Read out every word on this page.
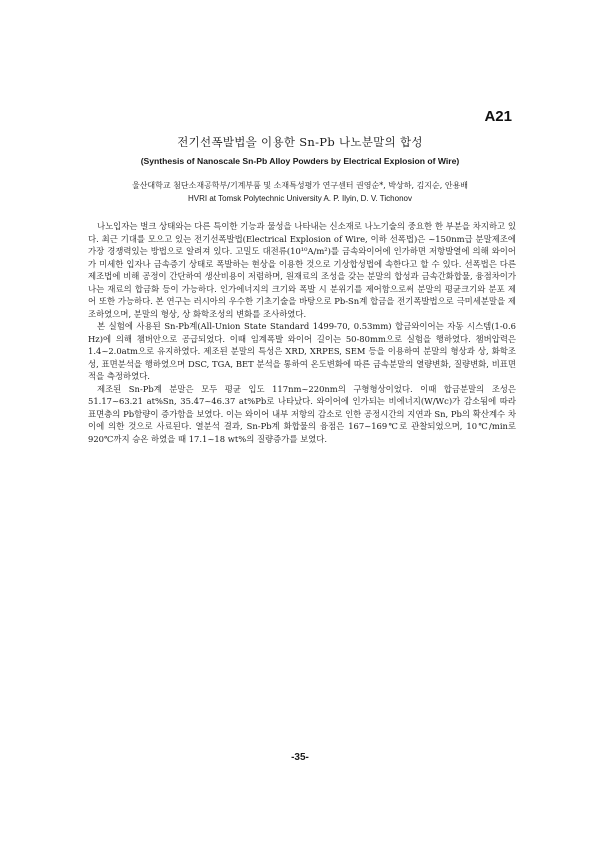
A21
전기선폭발법을 이용한 Sn-Pb 나노분말의 합성
(Synthesis of Nanoscale Sn-Pb Alloy Powders by Electrical Explosion of Wire)
울산대학교 첨단소재공학부/기계부품 및 소재특성평가 연구센터 권영순*, 박상하, 김지순, 안용배
HVRI at Tomsk Polytechnic University A. P. Ilyin, D. V. Tichonov

나노입자는 벌크 상태와는 다른 특이한 기능과 물성을 나타내는 신소재로 나노기술의 중요한 한 부분을 차지하고 있다. 최근 기대를 모으고 있는 전기선폭발법(Electrical Explosion of Wire, 이하 선폭법)은 ~150nm급 분말제조에 가장 경쟁력있는 방법으로 알려져 있다. 고밀도 대전류(10¹⁰A/m²)를 금속와이어에 인가하면 저항발열에 의해 와이어가 미세한 입자나 금속증기 상태로 폭발하는 현상을 이용한 것으로 기상합성법에 속한다고 할 수 있다. 선폭법은 다른 제조법에 비해 공정이 간단하여 생산비용이 저렴하며, 원재료의 조성을 갖는 분말의 합성과 금속간화합물, 융점차이가 나는 재료의 합금화 등이 가능하다. 인가에너지의 크기와 폭발 시 분위기를 제어함으로써 분말의 평균크기와 분포 제어 또한 가능하다. 본 연구는 러시아의 우수한 기초기술을 바탕으로 Pb-Sn계 합금을 전기폭발법으로 극미세분말을 제조하였으며, 분말의 형상, 상 화학조성의 변화를 조사하였다.

본 실험에 사용된 Sn-Pb계(All-Union State Standard 1499-70, 0.53mm) 합금와이어는 자동 시스템(1-0.6 Hz)에 의해 챔버안으로 공급되었다. 이때 임계폭발 와이어 길이는 50-80mm으로 실험을 행하였다. 챔버압력은 1.4~2.0atm으로 유지하였다. 제조된 분말의 특성은 XRD, XRPES, SEM 등을 이용하여 분말의 형상과 상, 화학조성, 표면분석을 행하였으며 DSC, TGA, BET 분석을 통하여 온도변화에 따른 금속분말의 열량변화, 질량변화, 비표면적을 측정하였다.

제조된 Sn-Pb계 분말은 모두 평균 입도 117nm~220nm의 구형형상이었다. 이때 합금분말의 조성은 51.17~63.21 at%Sn, 35.47~46.37 at%Pb로 나타났다. 와이어에 인가되는 비에너지(W/Wc)가 감소됨에 따라 표면층의 Pb함량이 증가함을 보였다. 이는 와이어 내부 저항의 감소로 인한 공정시간의 지연과 Sn, Pb의 확산계수 차이에 의한 것으로 사료된다. 열분석 결과, Sn-Pb계 화합물의 융점은 167~169℃로 관찰되었으며, 10℃/min로 920℃까지 승온 하였을 때 17.1~18 wt%의 질량증가를 보였다.

-35-
